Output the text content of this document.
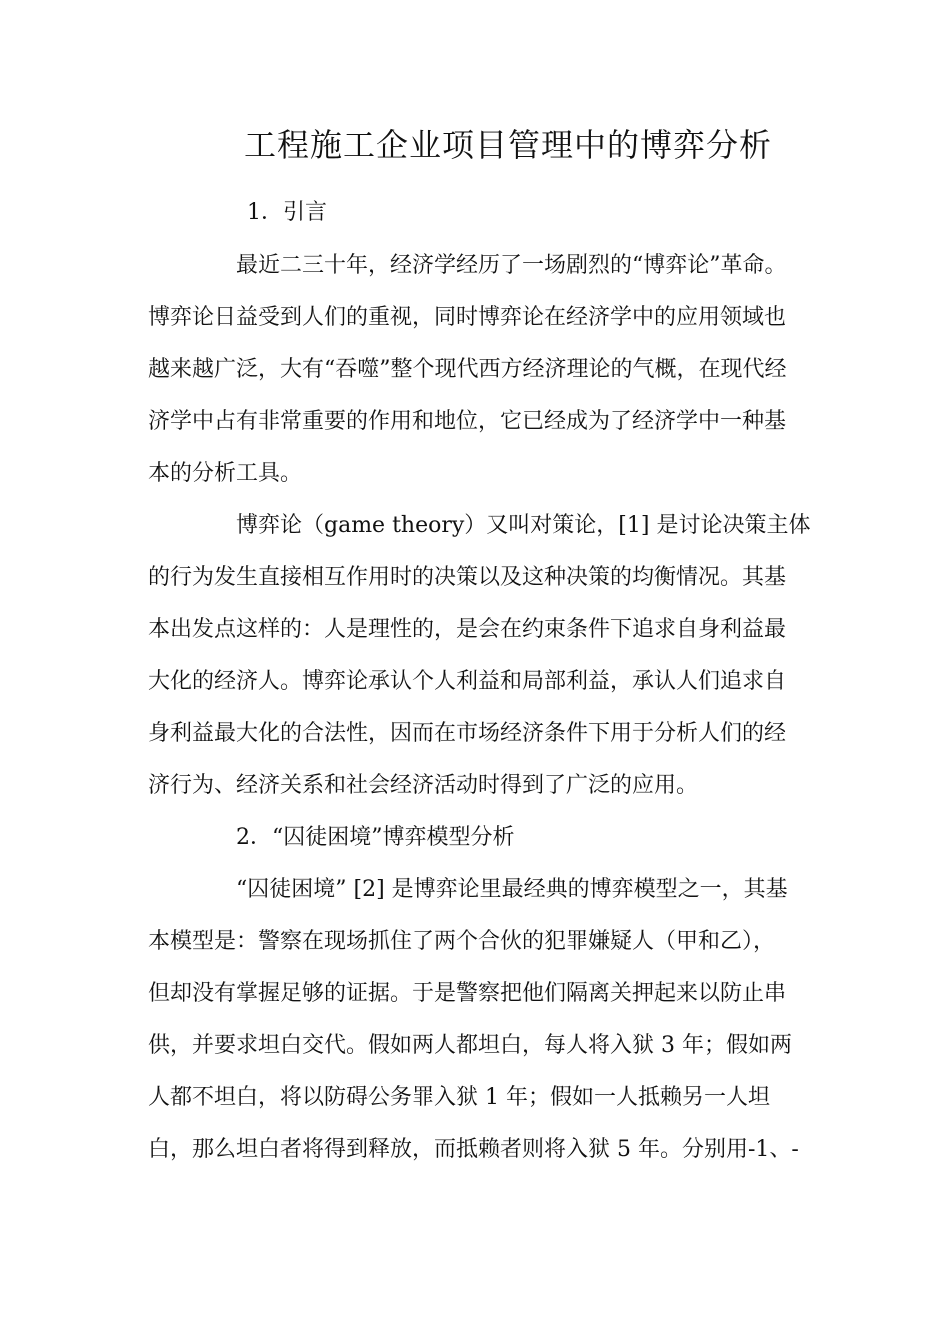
工程施工企业项目管理中的博弈分析

1．引言

最近二三十年，经济学经历了一场剧烈的“博弈论”革命。

博弈论日益受到人们的重视，同时博弈论在经济学中的应用领域也

越来越广泛，大有“吞噬”整个现代西方经济理论的气概，在现代经

济学中占有非常重要的作用和地位，它已经成为了经济学中一种基

本的分析工具。

博弈论（game theory）又叫对策论，[1] 是讨论决策主体

的行为发生直接相互作用时的决策以及这种决策的均衡情况。其基

本出发点这样的：人是理性的，是会在约束条件下追求自身利益最

大化的经济人。博弈论承认个人利益和局部利益，承认人们追求自

身利益最大化的合法性，因而在市场经济条件下用于分析人们的经

济行为、经济关系和社会经济活动时得到了广泛的应用。

2．“囚徒困境”博弈模型分析

“囚徒困境” [2] 是博弈论里最经典的博弈模型之一，其基

本模型是：警察在现场抓住了两个合伙的犯罪嫌疑人（甲和乙），

但却没有掌握足够的证据。于是警察把他们隔离关押起来以防止串

供，并要求坦白交代。假如两人都坦白，每人将入狱 3 年；假如两

人都不坦白，将以防碍公务罪入狱 1 年；假如一人抵赖另一人坦

白，那么坦白者将得到释放，而抵赖者则将入狱 5 年。分别用-1、-
